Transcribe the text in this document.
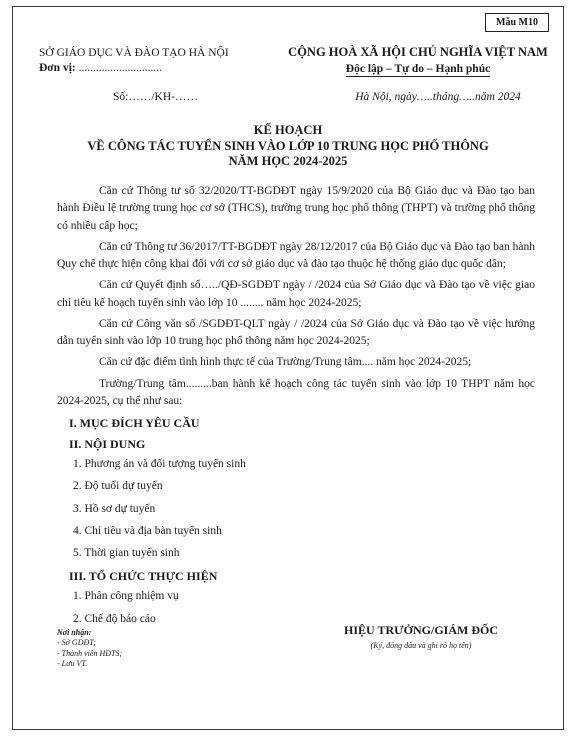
Mẫu M10
SỞ GIÁO DỤC VÀ ĐÀO TẠO HÀ NỘI
Đơn vị: .............................
CỘNG HOÀ XÃ HỘI CHỦ NGHĨA VIỆT NAM
Độc lập – Tự do – Hạnh phúc
Số:……/KH-……	Hà Nội, ngày…..tháng…..năm 2024
KẾ HOẠCH
VỀ CÔNG TÁC TUYỂN SINH VÀO LỚP 10 TRUNG HỌC PHỔ THÔNG
NĂM HỌC 2024-2025

Căn cứ Thông tư số 32/2020/TT-BGDĐT ngày 15/9/2020 của Bộ Giáo dục và Đào tạo ban hành Điều lệ trường trung học cơ sở (THCS), trường trung học phổ thông (THPT) và trường phổ thông có nhiều cấp học;

Căn cứ Thông tư 36/2017/TT-BGDĐT ngày 28/12/2017 của Bộ Giáo dục và Đào tạo ban hành Quy chế thực hiện công khai đối với cơ sở giáo dục và đào tạo thuộc hệ thống giáo dục quốc dân;

Căn cứ Quyết định số…../QĐ-SGDĐT ngày / /2024 của Sở Giáo dục và Đào tạo về việc giao chỉ tiêu kế hoạch tuyển sinh vào lớp 10 ........ năm học 2024-2025;

Căn cứ Công văn số /SGDĐT-QLT ngày / /2024 của Sở Giáo dục và Đào tạo về việc hướng dẫn tuyển sinh vào lớp 10 trung học phổ thông năm học 2024-2025;

Căn cứ đặc điểm tình hình thực tế của Trường/Trung tâm.... năm học 2024-2025;

Trường/Trung tâm.........ban hành kế hoạch công tác tuyển sinh vào lớp 10 THPT năm học 2024-2025, cụ thể như sau:

I. MỤC ĐÍCH YÊU CẦU
II. NỘI DUNG
1. Phương án và đối tượng tuyển sinh
2. Độ tuổi dự tuyển
3. Hồ sơ dự tuyển
4. Chỉ tiêu và địa bàn tuyển sinh
5. Thời gian tuyển sinh
III. TỔ CHỨC THỰC HIỆN
1. Phân công nhiệm vụ
2. Chế độ báo cáo
Nơi nhận:
- Sở GDĐT;
- Thành viên HĐTS;
- Lưu VT.
HIỆU TRƯỞNG/GIÁM ĐỐC
(Ký, đóng dấu và ghi rõ họ tên)
